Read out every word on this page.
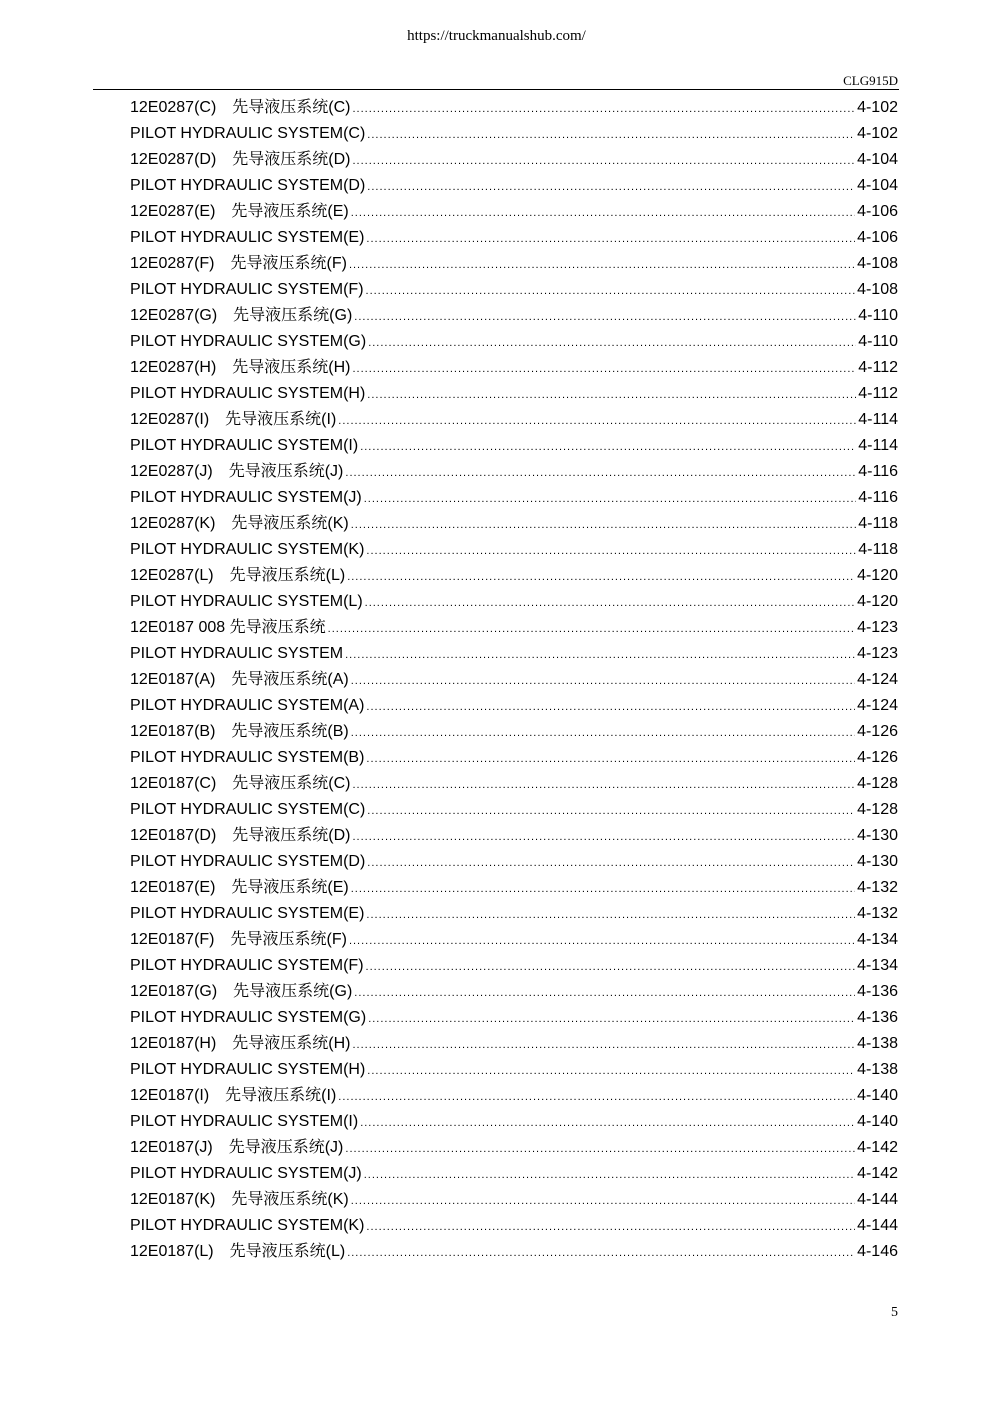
https://truckmanualshub.com/
CLG915D
12E0287(C)　先导液压系统(C) .....	4-102
PILOT HYDRAULIC SYSTEM(C) .....	4-102
12E0287(D)　先导液压系统(D) .....	4-104
PILOT HYDRAULIC SYSTEM(D) .....	4-104
12E0287(E)　先导液压系统(E) .....	4-106
PILOT HYDRAULIC SYSTEM(E) .....	4-106
12E0287(F)　先导液压系统(F) .....	4-108
PILOT HYDRAULIC SYSTEM(F) .....	4-108
12E0287(G)　先导液压系统(G) .....	4-110
PILOT HYDRAULIC SYSTEM(G) .....	4-110
12E0287(H)　先导液压系统(H) .....	4-112
PILOT HYDRAULIC SYSTEM(H) .....	4-112
12E0287(I)　先导液压系统(I) .....	4-114
PILOT HYDRAULIC SYSTEM(I) .....	4-114
12E0287(J)　先导液压系统(J) .....	4-116
PILOT HYDRAULIC SYSTEM(J) .....	4-116
12E0287(K)　先导液压系统(K) .....	4-118
PILOT HYDRAULIC SYSTEM(K) .....	4-118
12E0287(L)　先导液压系统(L) .....	4-120
PILOT HYDRAULIC SYSTEM(L) .....	4-120
12E0187 008 先导液压系统 .....	4-123
PILOT HYDRAULIC SYSTEM .....	4-123
12E0187(A)　先导液压系统(A) .....	4-124
PILOT HYDRAULIC SYSTEM(A) .....	4-124
12E0187(B)　先导液压系统(B) .....	4-126
PILOT HYDRAULIC SYSTEM(B) .....	4-126
12E0187(C)　先导液压系统(C) .....	4-128
PILOT HYDRAULIC SYSTEM(C) .....	4-128
12E0187(D)　先导液压系统(D) .....	4-130
PILOT HYDRAULIC SYSTEM(D) .....	4-130
12E0187(E)　先导液压系统(E) .....	4-132
PILOT HYDRAULIC SYSTEM(E) .....	4-132
12E0187(F)　先导液压系统(F) .....	4-134
PILOT HYDRAULIC SYSTEM(F) .....	4-134
12E0187(G)　先导液压系统(G) .....	4-136
PILOT HYDRAULIC SYSTEM(G) .....	4-136
12E0187(H)　先导液压系统(H) .....	4-138
PILOT HYDRAULIC SYSTEM(H) .....	4-138
12E0187(I)　先导液压系统(I) .....	4-140
PILOT HYDRAULIC SYSTEM(I) .....	4-140
12E0187(J)　先导液压系统(J) .....	4-142
PILOT HYDRAULIC SYSTEM(J) .....	4-142
12E0187(K)　先导液压系统(K) .....	4-144
PILOT HYDRAULIC SYSTEM(K) .....	4-144
12E0187(L)　先导液压系统(L) .....	4-146
5
